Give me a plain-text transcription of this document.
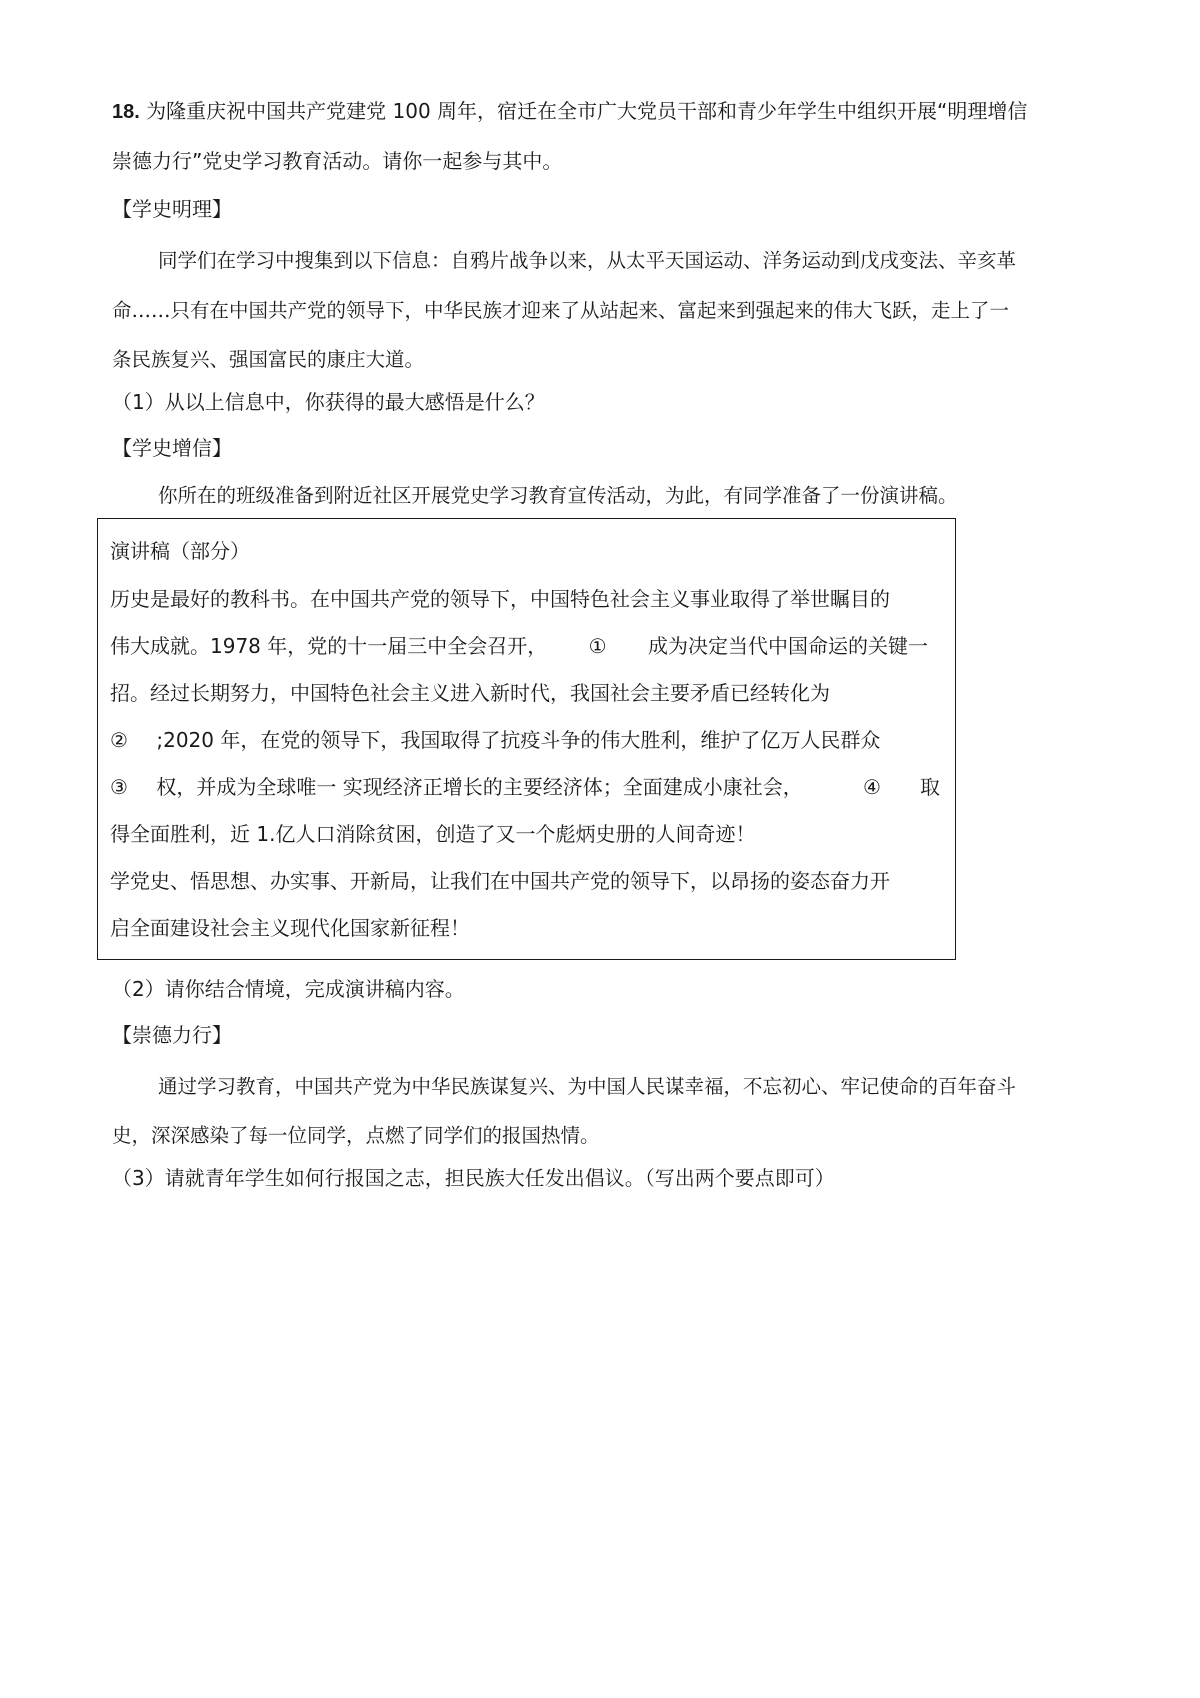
18. 为隆重庆祝中国共产党建党 100 周年，宿迁在全市广大党员干部和青少年学生中组织开展“明理增信
崇德力行”党史学习教育活动。请你一起参与其中。
【学史明理】
同学们在学习中搜集到以下信息：自鸦片战争以来，从太平天国运动、洋务运动到戊戌变法、辛亥革
命……只有在中国共产党的领导下，中华民族才迎来了从站起来、富起来到强起来的伟大飞跃，走上了一
条民族复兴、强国富民的康庄大道。
（1）从以上信息中，你获得的最大感悟是什么？
【学史增信】
你所在的班级准备到附近社区开展党史学习教育宣传活动，为此，有同学准备了一份演讲稿。
演讲稿（部分）
历史是最好的教科书。在中国共产党的领导下，中国特色社会主义事业取得了举世瞩目的
伟大成就。1978 年，党的十一届三中全会召开， ① 成为决定当代中国命运的关键一
招。经过长期努力，中国特色社会主义进入新时代，我国社会主要矛盾已经转化为
② ;2020 年，在党的领导下，我国取得了抗疫斗争的伟大胜利，维护了亿万人民群众
③ 权，并成为全球唯一 实现经济正增长的主要经济体；全面建成小康社会，	④	取
得全面胜利，近 1.亿人口消除贫困，创造了又一个彪炳史册的人间奇迹！
学党史、悟思想、办实事、开新局，让我们在中国共产党的领导下，以昂扬的姿态奋力开
启全面建设社会主义现代化国家新征程！
（2）请你结合情境，完成演讲稿内容。
【崇德力行】
通过学习教育，中国共产党为中华民族谋复兴、为中国人民谋幸福，不忘初心、牢记使命的百年奋斗
史，深深感染了每一位同学，点燃了同学们的报国热情。
（3）请就青年学生如何行报国之志，担民族大任发出倡议。（写出两个要点即可）
